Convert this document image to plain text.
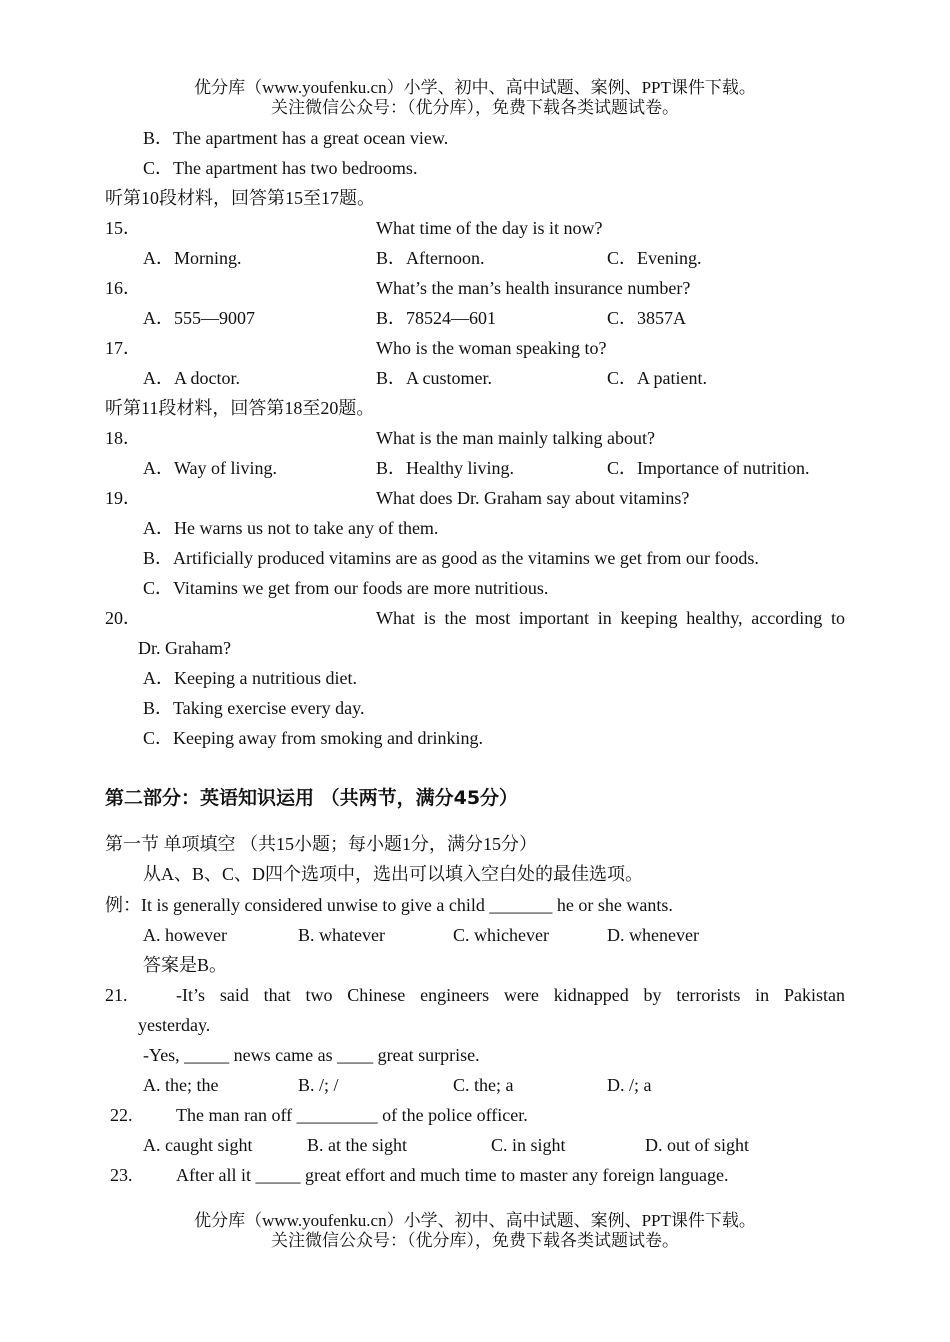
优分库（www.youfenku.cn）小学、初中、高中试题、案例、PPT课件下载。
关注微信公众号：（优分库），免费下载各类试题试卷。
B．The apartment has a great ocean view.
C．The apartment has two bedrooms.
听第10段材料，回答第15至17题。
15．	What time of the day is it now?
A．Morning.	B．Afternoon.	C．Evening.
16．	What’s the man’s health insurance number?
A．555—9007	B．78524—601	C．3857A
17．	Who is the woman speaking to?
A．A doctor.	B．A customer.	C．A patient.
听第11段材料，回答第18至20题。
18．	What is the man mainly talking about?
A．Way of living.	B．Healthy living.	C．Importance of nutrition.
19．	What does Dr. Graham say about vitamins?
A．He warns us not to take any of them.
B．Artificially produced vitamins are as good as the vitamins we get from our foods.
C．Vitamins we get from our foods are more nutritious.
20．	What is the most important in keeping healthy, according to
Dr. Graham?
A．Keeping a nutritious diet.
B．Taking exercise every day.
C．Keeping away from smoking and drinking.
第二部分：英语知识运用 （共两节，满分45分）
第一节 单项填空 （共15小题；每小题1分，满分15分）
从A、B、C、D四个选项中，选出可以填入空白处的最佳选项。
例：It is generally considered unwise to give a child _______ he or she wants.
A. however	B. whatever	C. whichever	D. whenever
答案是B。
21.	-It’s said that two Chinese engineers were kidnapped by terrorists in Pakistan
yesterday.
-Yes, _____ news came as ____ great surprise.
A. the; the	B. /; /	C. the; a	D. /; a
22. The man ran off _________ of the police officer.
A. caught sight	B. at the sight	C. in sight	D. out of sight
23. After all it _____ great effort and much time to master any foreign language.
优分库（www.youfenku.cn）小学、初中、高中试题、案例、PPT课件下载。
关注微信公众号：（优分库），免费下载各类试题试卷。
